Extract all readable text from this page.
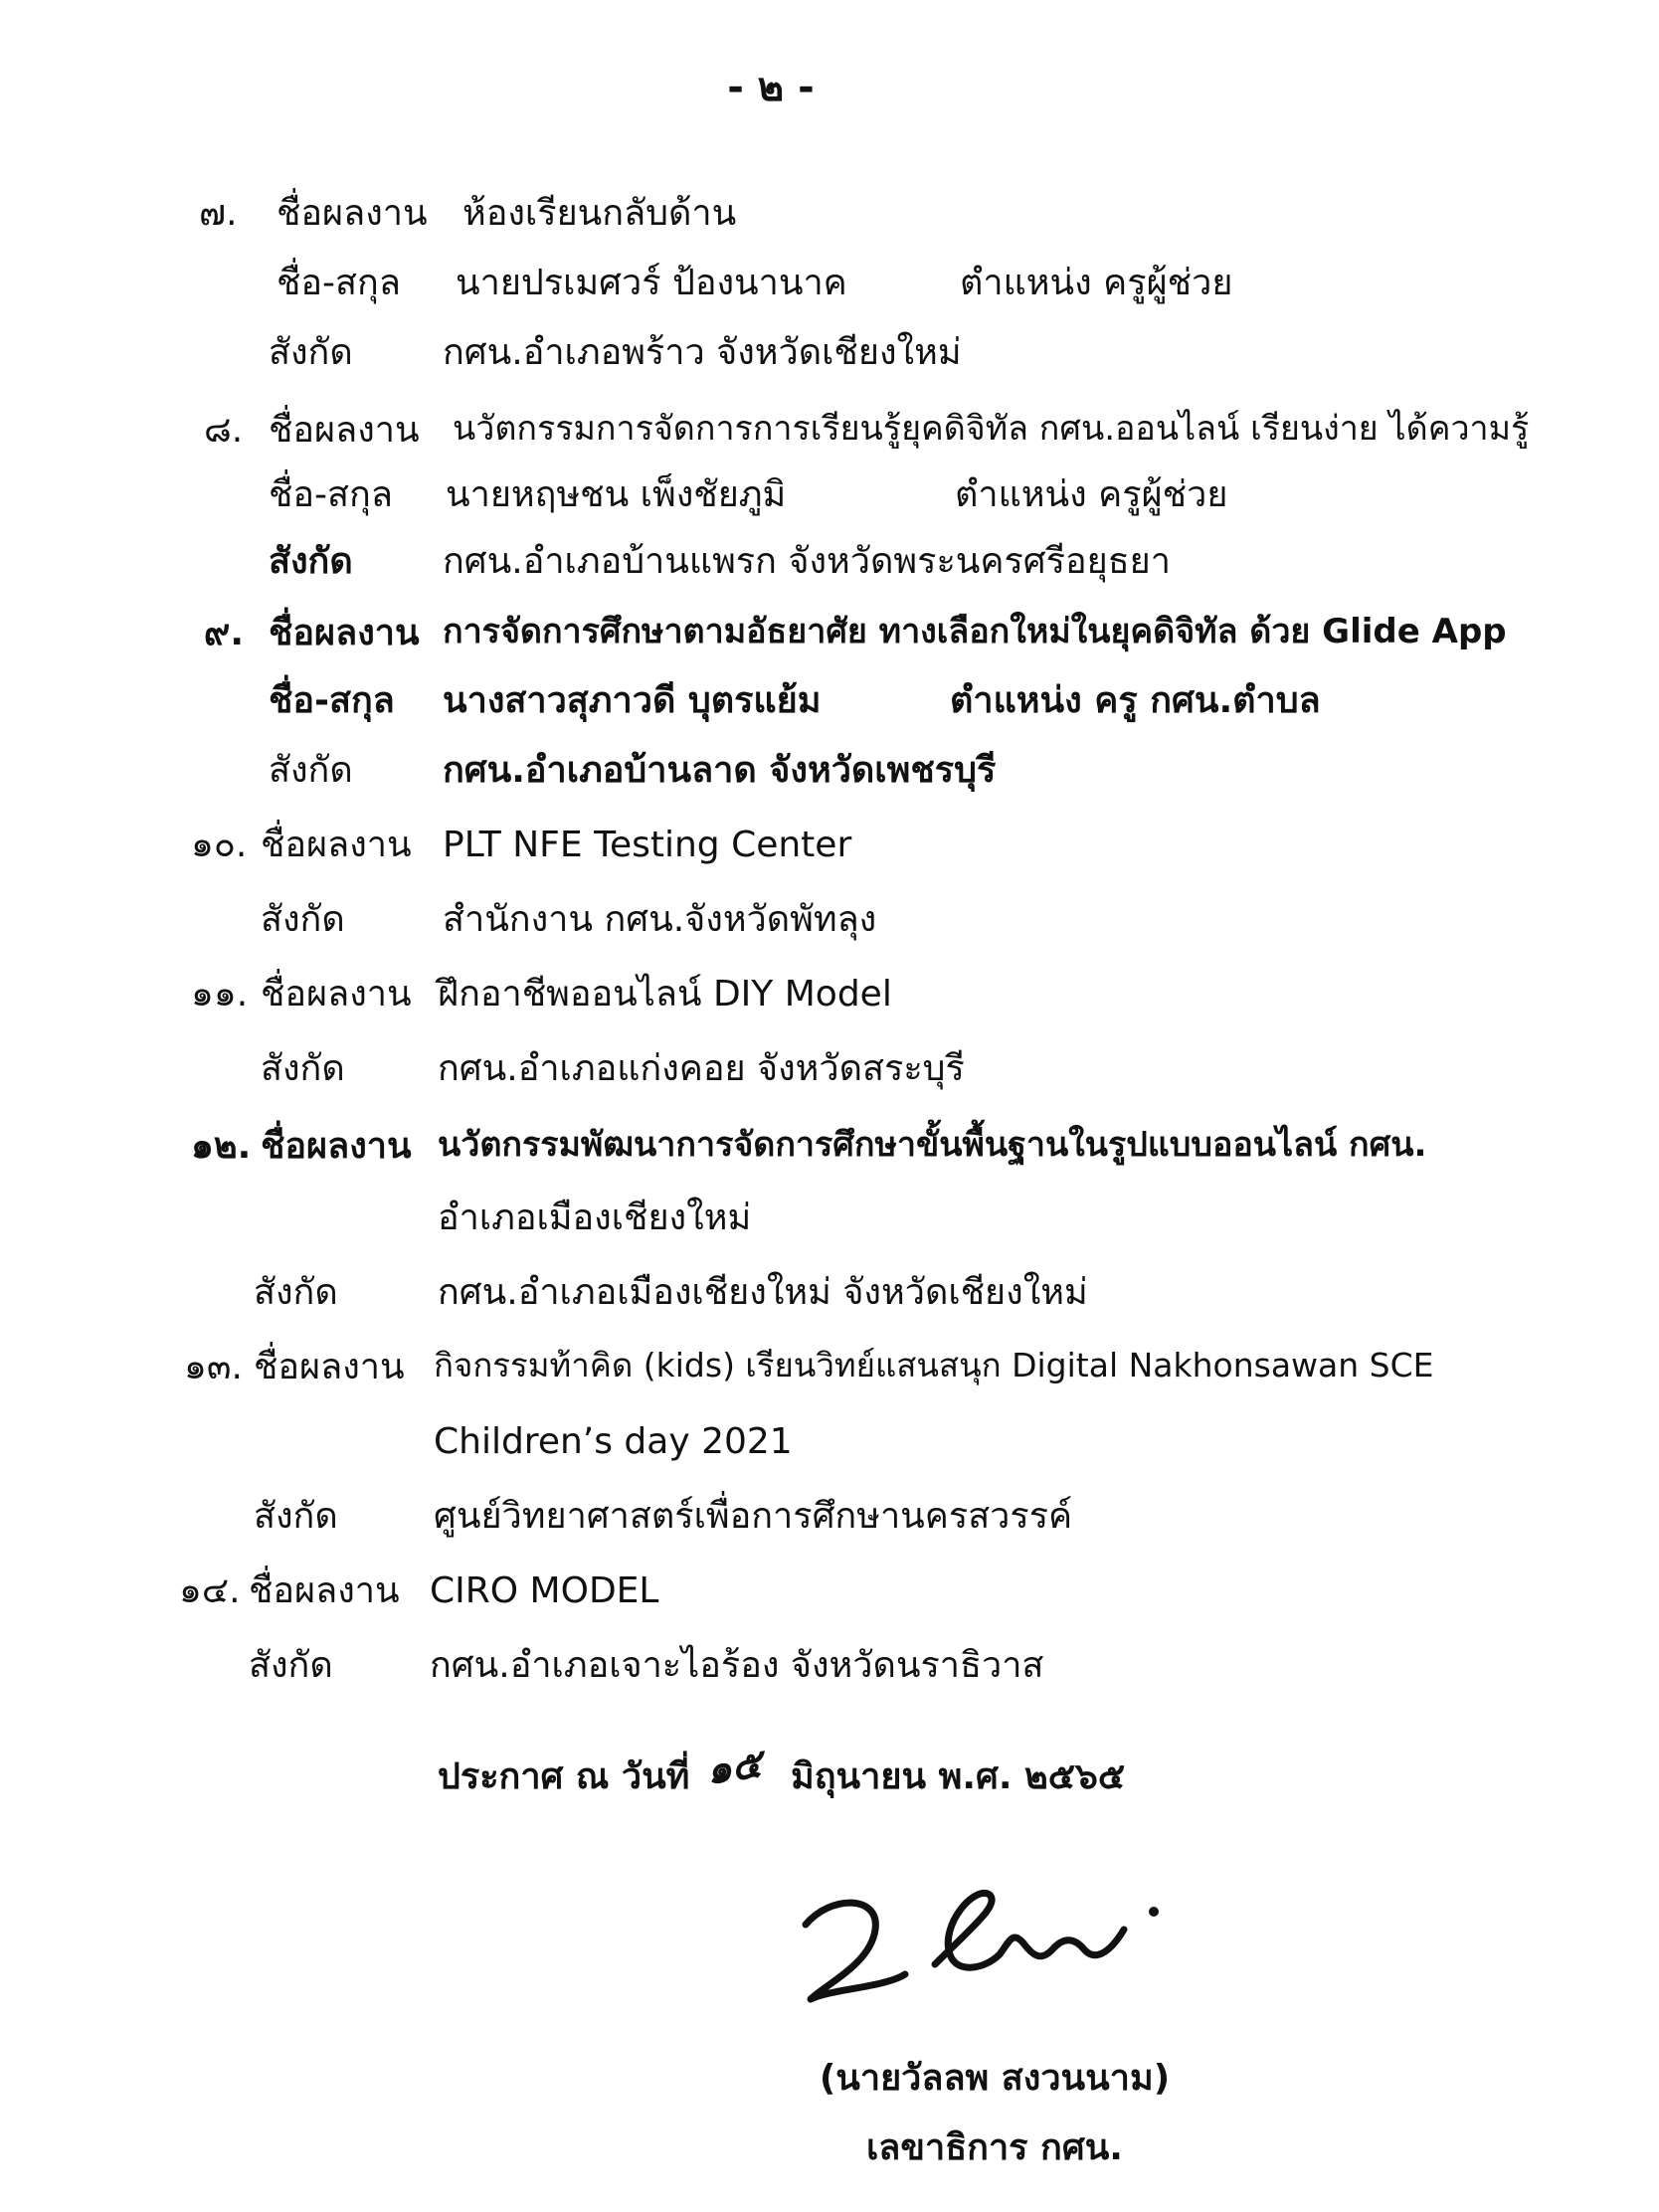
- ๒ -
๗. ชื่อผลงาน ห้องเรียนกลับด้าน
ชื่อ-สกุล นายปรเมศวร์ ป้องนานาค	ตำแหน่ง ครูผู้ช่วย
สังกัด	กศน.อำเภอพร้าว จังหวัดเชียงใหม่
๘. ชื่อผลงาน นวัตกรรมการจัดการการเรียนรู้ยุคดิจิทัล กศน.ออนไลน์ เรียนง่าย ได้ความรู้
ชื่อ-สกุล นายหฤษชน เพ็งชัยภูมิ	ตำแหน่ง ครูผู้ช่วย
สังกัด	กศน.อำเภอบ้านแพรก จังหวัดพระนครศรีอยุธยา
๙. ชื่อผลงาน การจัดการศึกษาตามอัธยาศัย ทางเลือกใหม่ในยุคดิจิทัล ด้วย Glide App
ชื่อ-สกุล นางสาวสุภาวดี บุตรแย้ม	ตำแหน่ง ครู กศน.ตำบล
สังกัด	กศน.อำเภอบ้านลาด จังหวัดเพชรบุรี
๑๐. ชื่อผลงาน PLT NFE Testing Center
สังกัด	สำนักงาน กศน.จังหวัดพัทลุง
๑๑. ชื่อผลงาน ฝึกอาชีพออนไลน์ DIY Model
สังกัด	กศน.อำเภอแก่งคอย จังหวัดสระบุรี
๑๒. ชื่อผลงาน นวัตกรรมพัฒนาการจัดการศึกษาขั้นพื้นฐานในรูปแบบออนไลน์ กศน.
อำเภอเมืองเชียงใหม่
สังกัด	กศน.อำเภอเมืองเชียงใหม่ จังหวัดเชียงใหม่
๑๓. ชื่อผลงาน กิจกรรมท้าคิด (kids) เรียนวิทย์แสนสนุก Digital Nakhonsawan SCE
Children’s day 2021
สังกัด	ศูนย์วิทยาศาสตร์เพื่อการศึกษานครสวรรค์
๑๔. ชื่อผลงาน CIRO MODEL
สังกัด	กศน.อำเภอเจาะไอร้อง จังหวัดนราธิวาส
ประกาศ ณ วันที่ ๑๕ มิถุนายน พ.ศ. ๒๕๖๕
(นายวัลลพ สงวนนาม)
เลขาธิการ กศน.
